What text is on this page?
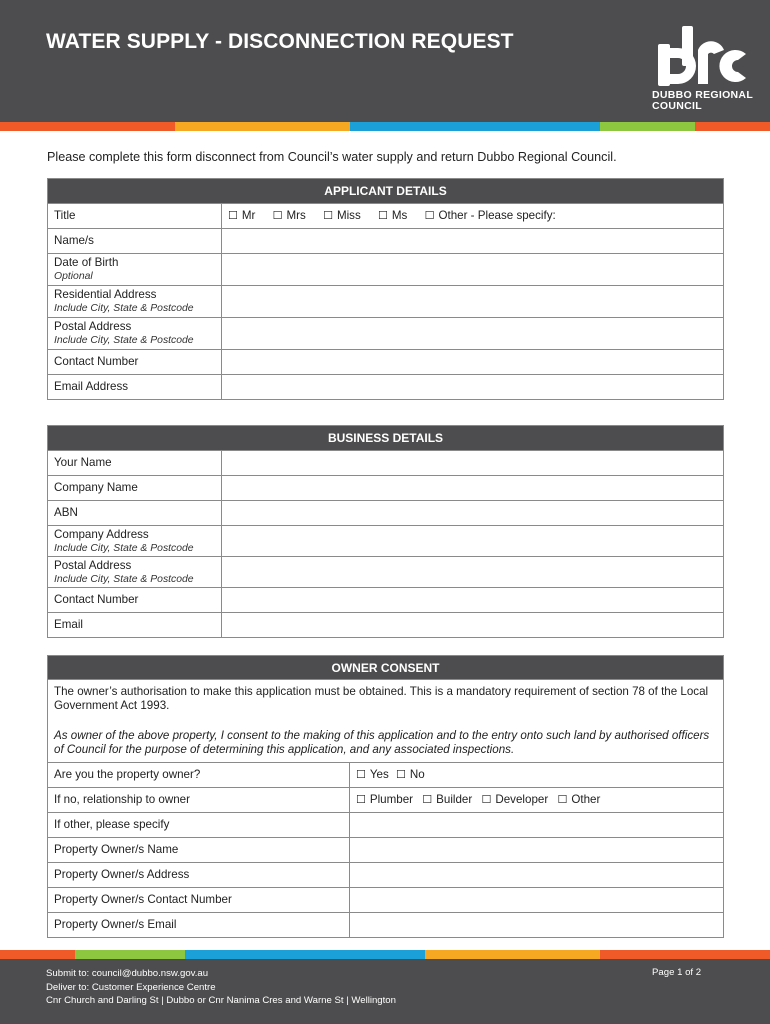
WATER SUPPLY - DISCONNECTION REQUEST
DUBBO REGIONAL
COUNCIL
Please complete this form disconnect from Council’s water supply and return Dubbo Regional Council.
APPLICANT DETAILS	
Title	☐ Mr ☐ Mrs ☐ Miss ☐ Ms ☐ Other - Please specify:
Name/s	
Date of Birth
Optional	

Residential Address
Include City, State & Postcode	

Postal Address
Include City, State & Postcode	

Contact Number	
Email Address	
BUSINESS DETAILS	
Your Name	
Company Name	
ABN	
Company Address
Include City, State & Postcode	

Postal Address
Include City, State & Postcode	

Contact Number	
Email	
OWNER CONSENT	

The owner’s authorisation to make this application must be obtained. This is a mandatory requirement of section 78 of the Local Government Act 1993.

As owner of the above property, I consent to the making of this application and to the entry onto such land by authorised officers of Council for the purpose of determining this application, and any associated inspections.	

Are you the property owner?	☐ Yes ☐ No
If no, relationship to owner	☐ Plumber ☐ Builder ☐ Developer ☐ Other
If other, please specify	
Property Owner/s Name	
Property Owner/s Address	
Property Owner/s Contact Number	
Property Owner/s Email	
Submit to: council@dubbo.nsw.gov.au
Deliver to: Customer Experience Centre
Cnr Church and Darling St | Dubbo or Cnr Nanima Cres and Warne St | Wellington
Page 1 of 2
